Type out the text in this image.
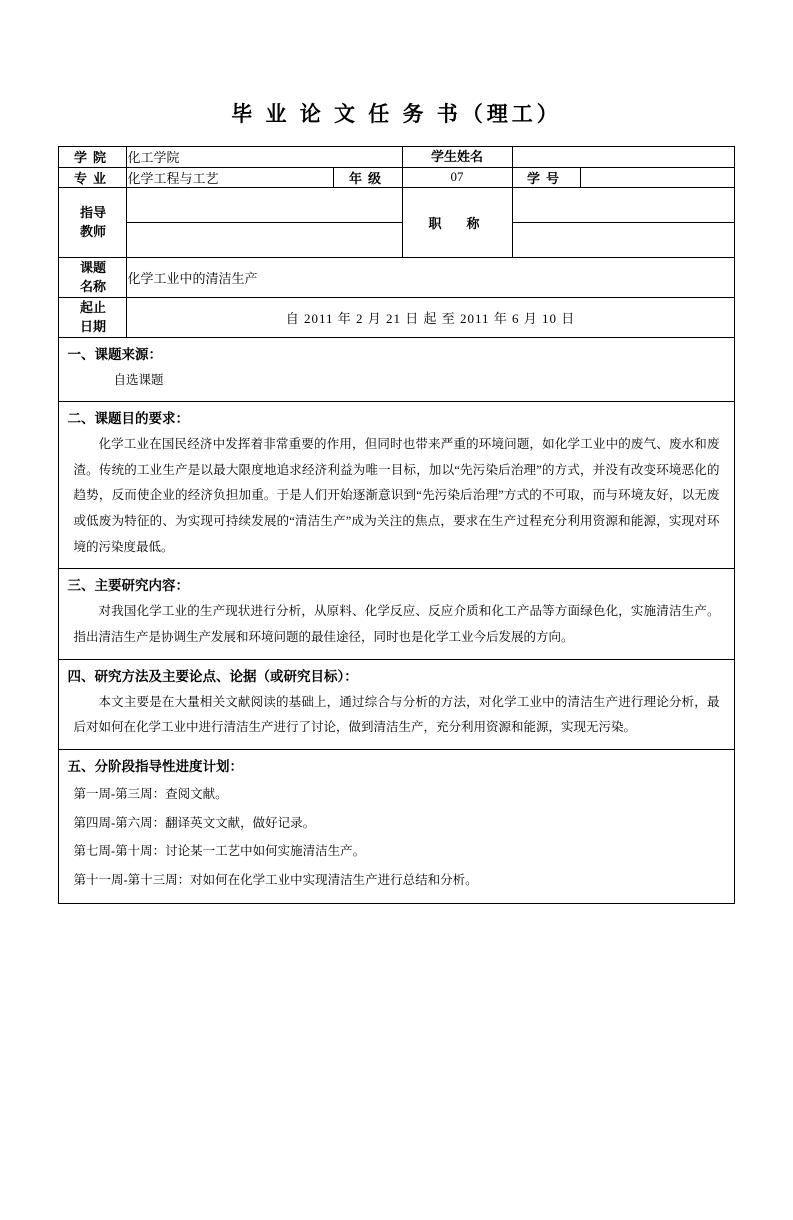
毕 业 论 文 任 务 书（理工）
学院	化工学院		学生姓名		
专业	化学工程与工艺	年级	07	学号	

指导
教师			职　称		

课题
名称	化学工业中的清洁生产				

起止
日期	自 2011 年 2 月 21 日 起 至 2011 年 6 月 10 日				

一、课题来源：
自选课题					

二、课题目的要求：
化学工业在国民经济中发挥着非常重要的作用，但同时也带来严重的环境问题，如化学工业中的废气、废水和废渣。传统的工业生产是以最大限度地追求经济利益为唯一目标，加以“先污染后治理”的方式，并没有改变环境恶化的趋势，反而使企业的经济负担加重。于是人们开始逐渐意识到“先污染后治理”方式的不可取，而与环境友好，以无废或低废为特征的、为实现可持续发展的“清洁生产”成为关注的焦点，要求在生产过程充分利用资源和能源，实现对环境的污染度最低。					

三、主要研究内容：
对我国化学工业的生产现状进行分析，从原料、化学反应、反应介质和化工产品等方面绿色化，实施清洁生产。指出清洁生产是协调生产发展和环境问题的最佳途径，同时也是化学工业今后发展的方向。					

四、研究方法及主要论点、论据（或研究目标）：
本文主要是在大量相关文献阅读的基础上，通过综合与分析的方法，对化学工业中的清洁生产进行理论分析，最后对如何在化学工业中进行清洁生产进行了讨论，做到清洁生产，充分利用资源和能源，实现无污染。					

五、分阶段指导性进度计划：
第一周-第三周：查阅文献。
第四周-第六周：翻译英文文献，做好记录。
第七周-第十周：讨论某一工艺中如何实施清洁生产。
第十一周-第十三周：对如何在化学工业中实现清洁生产进行总结和分析。					
